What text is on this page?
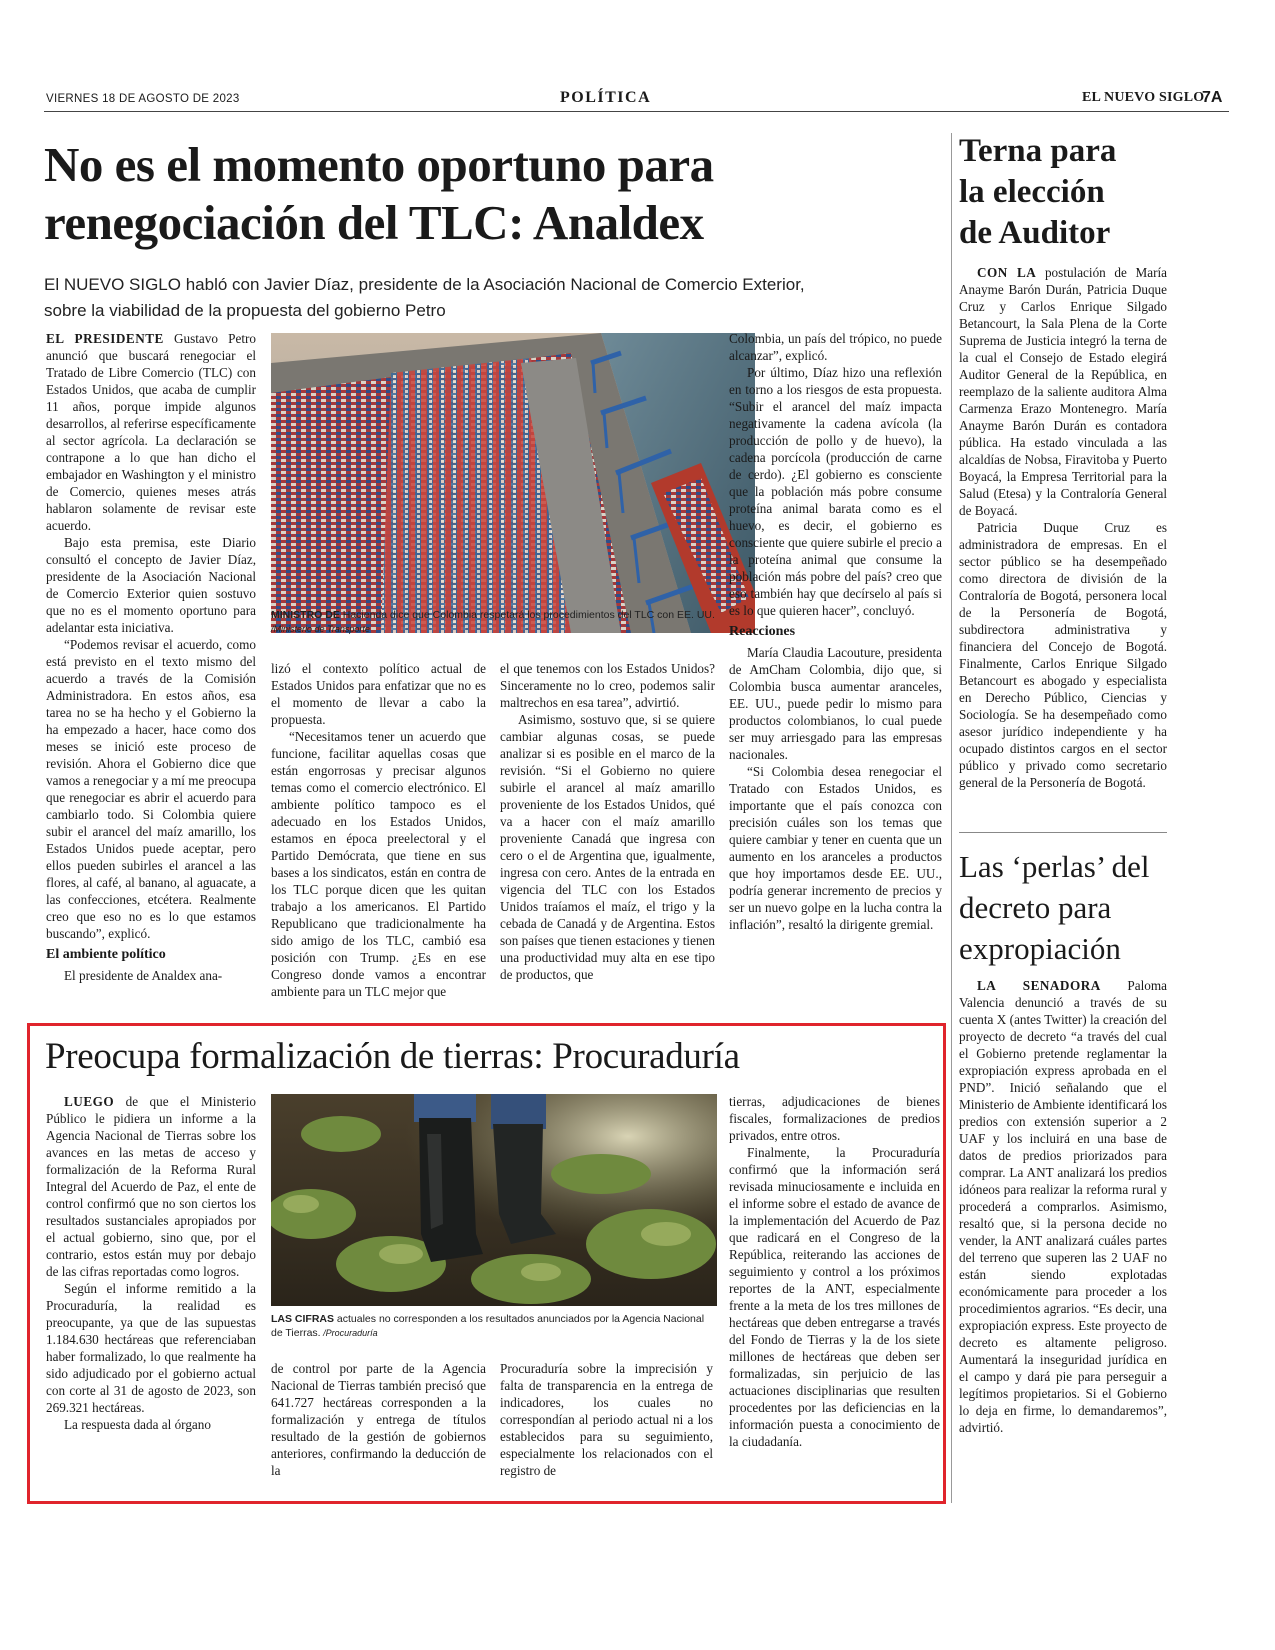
VIERNES 18 DE AGOSTO DE 2023	POLÍTICA	EL NUEVO SIGLO
7A
No es el momento oportuno para
renegociación del TLC: Analdex
El NUEVO SIGLO habló con Javier Díaz, presidente de la Asociación Nacional de Comercio Exterior,
sobre la viabilidad de la propuesta del gobierno Petro
MINISTRO DE Hacienda dice que Colombia respetará los procedimientos del TLC con EE. UU. /Ministerio de Transporte

EL PRESIDENTE Gustavo Petro anunció que buscará renegociar el Tratado de Libre Comercio (TLC) con Estados Unidos, que acaba de cumplir 11 años, porque impide algunos desarrollos, al referirse específicamente al sector agrícola. La declaración se contrapone a lo que han dicho el embajador en Washington y el ministro de Comercio, quienes meses atrás hablaron solamente de revisar este acuerdo.

Bajo esta premisa, este Diario consultó el concepto de Javier Díaz, presidente de la Asociación Nacional de Comercio Exterior quien sostuvo que no es el momento oportuno para adelantar esta iniciativa.

“Podemos revisar el acuerdo, como está previsto en el texto mismo del acuerdo a través de la Comisión Administradora. En estos años, esa tarea no se ha hecho y el Gobierno la ha empezado a hacer, hace como dos meses se inició este proceso de revisión. Ahora el Gobierno dice que vamos a renegociar y a mí me preocupa que renegociar es abrir el acuerdo para cambiarlo todo. Si Colombia quiere subir el arancel del maíz amarillo, los Estados Unidos puede aceptar, pero ellos pueden subirles el arancel a las flores, al café, al banano, al aguacate, a las confecciones, etcétera. Realmente creo que eso no es lo que estamos buscando”, explicó.

El ambiente político

El presidente de Analdex ana-

lizó el contexto político actual de Estados Unidos para enfatizar que no es el momento de llevar a cabo la propuesta.

“Necesitamos tener un acuerdo que funcione, facilitar aquellas cosas que están engorrosas y precisar algunos temas como el comercio electrónico. El ambiente político tampoco es el adecuado en los Estados Unidos, estamos en época preelectoral y el Partido Demócrata, que tiene en sus bases a los sindicatos, están en contra de los TLC porque dicen que les quitan trabajo a los americanos. El Partido Republicano que tradicionalmente ha sido amigo de los TLC, cambió esa posición con Trump. ¿Es en ese Congreso donde vamos a encontrar ambiente para un TLC mejor que

el que tenemos con los Estados Unidos? Sinceramente no lo creo, podemos salir maltrechos en esa tarea”, advirtió.

Asimismo, sostuvo que, si se quiere cambiar algunas cosas, se puede analizar si es posible en el marco de la revisión. “Si el Gobierno no quiere subirle el arancel al maíz amarillo proveniente de los Estados Unidos, qué va a hacer con el maíz amarillo proveniente Canadá que ingresa con cero o el de Argentina que, igualmente, ingresa con cero. Antes de la entrada en vigencia del TLC con los Estados Unidos traíamos el maíz, el trigo y la cebada de Canadá y de Argentina. Estos son países que tienen estaciones y tienen una productividad muy alta en ese tipo de productos, que

Colombia, un país del trópico, no puede alcanzar”, explicó.

Por último, Díaz hizo una reflexión en torno a los riesgos de esta propuesta. “Subir el arancel del maíz impacta negativamente la cadena avícola (la producción de pollo y de huevo), la cadena porcícola (producción de carne de cerdo). ¿El gobierno es consciente que la población más pobre consume proteína animal barata como es el huevo, es decir, el gobierno es consciente que quiere subirle el precio a la proteína animal que consume la población más pobre del país? creo que eso también hay que decírselo al país si es lo que quieren hacer”, concluyó.

Reacciones

María Claudia Lacouture, presidenta de AmCham Colombia, dijo que, si Colombia busca aumentar aranceles, EE. UU., puede pedir lo mismo para productos colombianos, lo cual puede ser muy arriesgado para las empresas nacionales.

“Si Colombia desea renegociar el Tratado con Estados Unidos, es importante que el país conozca con precisión cuáles son los temas que quiere cambiar y tener en cuenta que un aumento en los aranceles a productos que hoy importamos desde EE. UU., podría generar incremento de precios y ser un nuevo golpe en la lucha contra la inflación”, resaltó la dirigente gremial.

Terna para
la elección
de Auditor

CON LA postulación de María Anayme Barón Durán, Patricia Duque Cruz y Carlos Enrique Silgado Betancourt, la Sala Plena de la Corte Suprema de Justicia integró la terna de la cual el Consejo de Estado elegirá Auditor General de la República, en reemplazo de la saliente auditora Alma Carmenza Erazo Montenegro. María Anayme Barón Durán es contadora pública. Ha estado vinculada a las alcaldías de Nobsa, Firavitoba y Puerto Boyacá, la Empresa Territorial para la Salud (Etesa) y la Contraloría General de Boyacá.

Patricia Duque Cruz es administradora de empresas. En el sector público se ha desempeñado como directora de división de la Contraloría de Bogotá, personera local de la Personería de Bogotá, subdirectora administrativa y financiera del Concejo de Bogotá. Finalmente, Carlos Enrique Silgado Betancourt es abogado y especialista en Derecho Público, Ciencias y Sociología. Se ha desempeñado como asesor jurídico independiente y ha ocupado distintos cargos en el sector público y privado como secretario general de la Personería de Bogotá.

Las ‘perlas’ del
decreto para
expropiación

LA SENADORA Paloma Valencia denunció a través de su cuenta X (antes Twitter) la creación del proyecto de decreto “a través del cual el Gobierno pretende reglamentar la expropiación express aprobada en el PND”. Inició señalando que el Ministerio de Ambiente identificará los predios con extensión superior a 2 UAF y los incluirá en una base de datos de predios priorizados para comprar. La ANT analizará los predios idóneos para realizar la reforma rural y procederá a comprarlos. Asimismo, resaltó que, si la persona decide no vender, la ANT analizará cuáles partes del terreno que superen las 2 UAF no están siendo explotadas económicamente para proceder a los procedimientos agrarios. “Es decir, una expropiación express. Este proyecto de decreto es altamente peligroso. Aumentará la inseguridad jurídica en el campo y dará pie para perseguir a legítimos propietarios. Si el Gobierno lo deja en firme, lo demandaremos”, advirtió.

Preocupa formalización de tierras: Procuraduría
LAS CIFRAS actuales no corresponden a los resultados anunciados por la Agencia Nacional de Tierras. /Procuraduría

LUEGO de que el Ministerio Público le pidiera un informe a la Agencia Nacional de Tierras sobre los avances en las metas de acceso y formalización de la Reforma Rural Integral del Acuerdo de Paz, el ente de control confirmó que no son ciertos los resultados sustanciales apropiados por el actual gobierno, sino que, por el contrario, estos están muy por debajo de las cifras reportadas como logros.

Según el informe remitido a la Procuraduría, la realidad es preocupante, ya que de las supuestas 1.184.630 hectáreas que referenciaban haber formalizado, lo que realmente ha sido adjudicado por el gobierno actual con corte al 31 de agosto de 2023, son 269.321 hectáreas.

La respuesta dada al órgano

de control por parte de la Agencia Nacional de Tierras también precisó que 641.727 hectáreas corresponden a la formalización y entrega de títulos resultado de la gestión de gobiernos anteriores, confirmando la deducción de la

Procuraduría sobre la imprecisión y falta de transparencia en la entrega de indicadores, los cuales no correspondían al periodo actual ni a los establecidos para su seguimiento, especialmente los relacionados con el registro de

tierras, adjudicaciones de bienes fiscales, formalizaciones de predios privados, entre otros.

Finalmente, la Procuraduría confirmó que la información será revisada minuciosamente e incluida en el informe sobre el estado de avance de la implementación del Acuerdo de Paz que radicará en el Congreso de la República, reiterando las acciones de seguimiento y control a los próximos reportes de la ANT, especialmente frente a la meta de los tres millones de hectáreas que deben entregarse a través del Fondo de Tierras y la de los siete millones de hectáreas que deben ser formalizadas, sin perjuicio de las actuaciones disciplinarias que resulten procedentes por las deficiencias en la información puesta a conocimiento de la ciudadanía.
